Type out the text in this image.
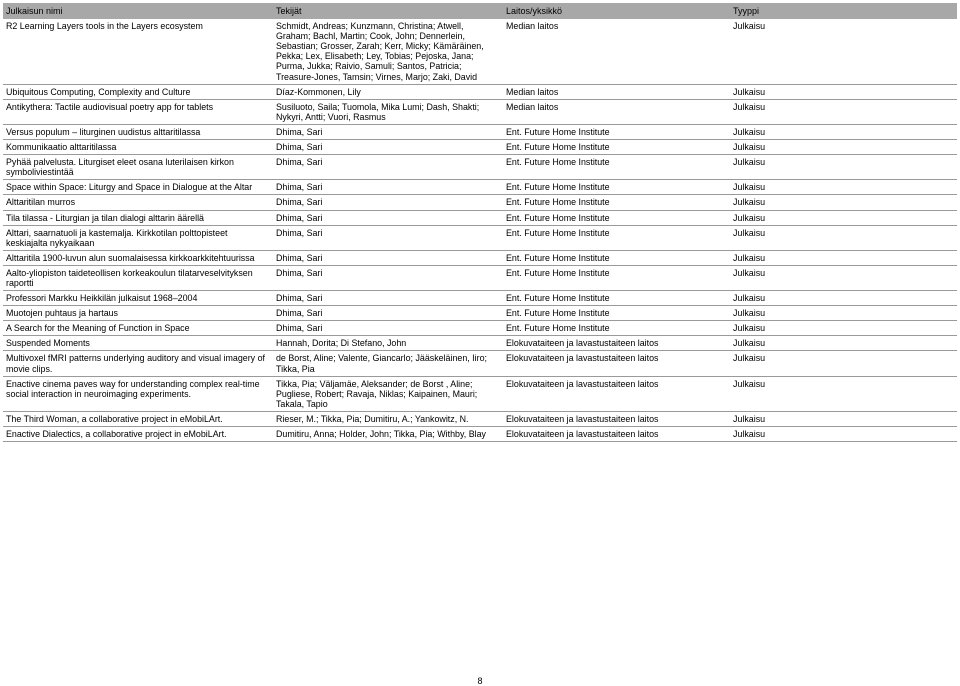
Julkaisun nimi	Tekijät	Laitos/yksikkö	Tyyppi
R2 Learning Layers tools in the Layers ecosystem	Schmidt, Andreas; Kunzmann, Christina; Atwell, Graham; Bachl, Martin; Cook, John; Dennerlein, Sebastian; Grosser, Zarah; Kerr, Micky; Kämäräinen, Pekka; Lex, Elisabeth; Ley, Tobias; Pejoska, Jana; Purma, Jukka; Raivio, Samuli; Santos, Patricia; Treasure-Jones, Tamsin; Virnes, Marjo; Zaki, David	Median laitos	Julkaisu
Ubiquitous Computing, Complexity and Culture	Díaz-Kommonen, Lily	Median laitos	Julkaisu
Antikythera: Tactile audiovisual poetry app for tablets	Susiluoto, Saila; Tuomola, Mika Lumi; Dash, Shakti; Nykyri, Antti; Vuori, Rasmus	Median laitos	Julkaisu
Versus populum – liturginen uudistus alttaritilassa	Dhima, Sari	Ent. Future Home Institute	Julkaisu
Kommunikaatio alttaritilassa	Dhima, Sari	Ent. Future Home Institute	Julkaisu
Pyhää palvelusta. Liturgiset eleet osana luterilaisen kirkon symboliviestintää	Dhima, Sari	Ent. Future Home Institute	Julkaisu
Space within Space: Liturgy and Space in Dialogue at the Altar	Dhima, Sari	Ent. Future Home Institute	Julkaisu
Alttaritilan murros	Dhima, Sari	Ent. Future Home Institute	Julkaisu
Tila tilassa - Liturgian ja tilan dialogi alttarin äärellä	Dhima, Sari	Ent. Future Home Institute	Julkaisu
Alttari, saarnatuoli ja kastemalja. Kirkkotilan polttopisteet keskiajalta nykyaikaan	Dhima, Sari	Ent. Future Home Institute	Julkaisu
Alttaritila 1900-luvun alun suomalaisessa kirkkoarkkitehtuurissa	Dhima, Sari	Ent. Future Home Institute	Julkaisu
Aalto-yliopiston taideteollisen korkeakoulun tilatarveselvityksen raportti	Dhima, Sari	Ent. Future Home Institute	Julkaisu
Professori Markku Heikkilän julkaisut 1968–2004	Dhima, Sari	Ent. Future Home Institute	Julkaisu
Muotojen puhtaus ja hartaus	Dhima, Sari	Ent. Future Home Institute	Julkaisu
A Search for the Meaning of Function in Space	Dhima, Sari	Ent. Future Home Institute	Julkaisu
Suspended Moments	Hannah, Dorita; Di Stefano, John	Elokuvataiteen ja lavastustaiteen laitos	Julkaisu
Multivoxel fMRI patterns underlying auditory and visual imagery of movie clips.	de Borst, Aline; Valente, Giancarlo; Jääskeläinen, Iiro; Tikka, Pia	Elokuvataiteen ja lavastustaiteen laitos	Julkaisu
Enactive cinema paves way for understanding complex real-time social interaction in neuroimaging experiments.	Tikka, Pia; Väljamäe, Aleksander; de Borst , Aline; Pugliese, Robert; Ravaja, Niklas; Kaipainen, Mauri; Takala, Tapio	Elokuvataiteen ja lavastustaiteen laitos	Julkaisu
The Third Woman, a collaborative project in eMobiLArt.	Rieser, M.; Tikka, Pia; Dumitiru, A.; Yankowitz, N.	Elokuvataiteen ja lavastustaiteen laitos	Julkaisu
Enactive Dialectics, a collaborative project in eMobiLArt.	Dumitiru, Anna; Holder, John; Tikka, Pia; Withby, Blay	Elokuvataiteen ja lavastustaiteen laitos	Julkaisu
8
